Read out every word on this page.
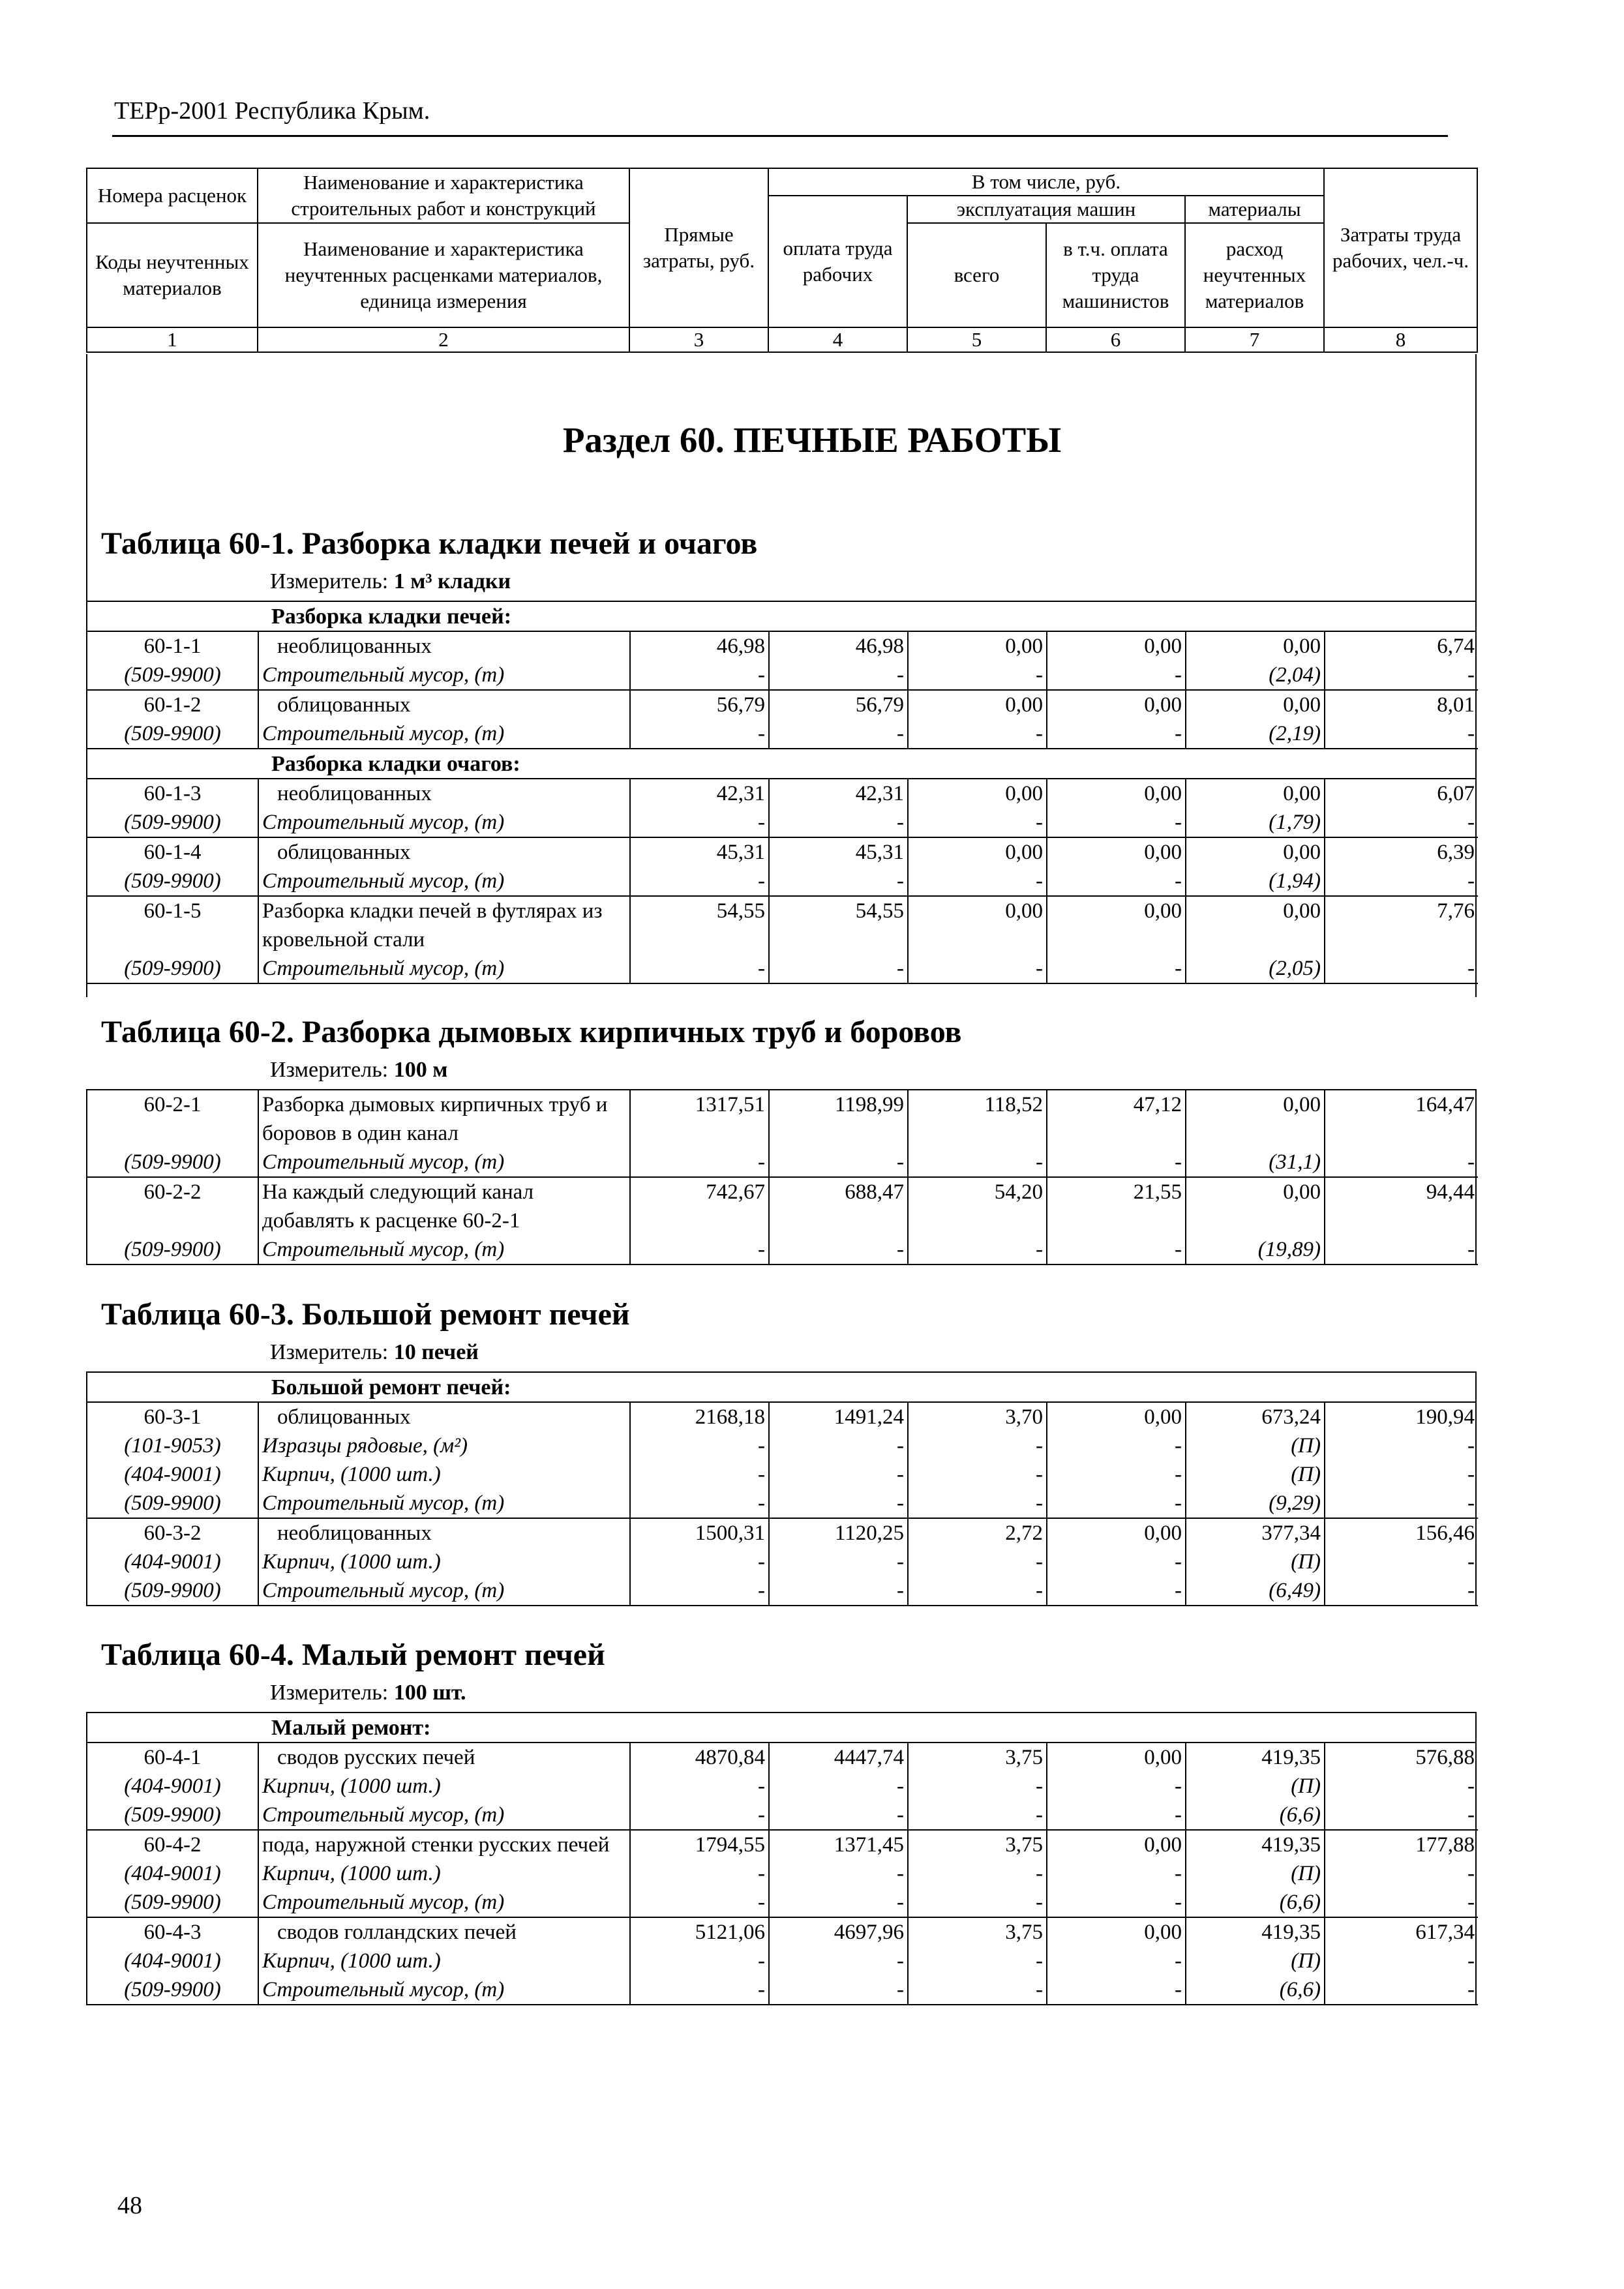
ТЕРр-2001 Республика Крым.
Номера расценок	Наименование и характеристика строительных работ и конструкций	Прямые затраты, руб.	В том числе, руб.				Затраты труда рабочих, чел.-ч.
			оплата труда рабочих	эксплуатация машин		материалы	
Коды неучтенных материалов	Наименование и характеристика неучтенных расценками материалов, единица измерения			всего	в т.ч. оплата труда машинистов	расход неучтенных материалов	

1	2	3	4	5	6	7	8
Раздел 60. ПЕЧНЫЕ РАБОТЫ
Таблица 60-1. Разборка кладки печей и очагов
Измеритель: 1 м³ кладки
Разборка кладки печей:
60-1-1	необлицованных	46,98	46,98	0,00	0,00	0,00	6,74
(509-9900)	Строительный мусор, (т)	-	-	-	-	(2,04)	-
60-1-2	облицованных	56,79	56,79	0,00	0,00	0,00	8,01
(509-9900)	Строительный мусор, (т)	-	-	-	-	(2,19)	-
Разборка кладки очагов:
60-1-3	необлицованных	42,31	42,31	0,00	0,00	0,00	6,07
(509-9900)	Строительный мусор, (т)	-	-	-	-	(1,79)	-
60-1-4	облицованных	45,31	45,31	0,00	0,00	0,00	6,39
(509-9900)	Строительный мусор, (т)	-	-	-	-	(1,94)	-
60-1-5	Разборка кладки печей в футлярах из кровельной стали	54,55	54,55	0,00	0,00	0,00	7,76
(509-9900)	Строительный мусор, (т)	-	-	-	-	(2,05)	-
Таблица 60-2. Разборка дымовых кирпичных труб и боровов
Измеритель: 100 м
60-2-1	Разборка дымовых кирпичных труб и боровов в один канал	1317,51	1198,99	118,52	47,12	0,00	164,47
(509-9900)	Строительный мусор, (т)	-	-	-	-	(31,1)	-
60-2-2	На каждый следующий канал добавлять к расценке 60-2-1	742,67	688,47	54,20	21,55	0,00	94,44
(509-9900)	Строительный мусор, (т)	-	-	-	-	(19,89)	-
Таблица 60-3. Большой ремонт печей
Измеритель: 10 печей
Большой ремонт печей:
60-3-1	облицованных	2168,18	1491,24	3,70	0,00	673,24	190,94
(101-9053)	Изразцы рядовые, (м²)	-	-	-	-	(П)	-
(404-9001)	Кирпич, (1000 шт.)	-	-	-	-	(П)	-
(509-9900)	Строительный мусор, (т)	-	-	-	-	(9,29)	-
60-3-2	необлицованных	1500,31	1120,25	2,72	0,00	377,34	156,46
(404-9001)	Кирпич, (1000 шт.)	-	-	-	-	(П)	-
(509-9900)	Строительный мусор, (т)	-	-	-	-	(6,49)	-
Таблица 60-4. Малый ремонт печей
Измеритель: 100 шт.
Малый ремонт:
60-4-1	сводов русских печей	4870,84	4447,74	3,75	0,00	419,35	576,88
(404-9001)	Кирпич, (1000 шт.)	-	-	-	-	(П)	-
(509-9900)	Строительный мусор, (т)	-	-	-	-	(6,6)	-
60-4-2	пода, наружной стенки русских печей	1794,55	1371,45	3,75	0,00	419,35	177,88
(404-9001)	Кирпич, (1000 шт.)	-	-	-	-	(П)	-
(509-9900)	Строительный мусор, (т)	-	-	-	-	(6,6)	-
60-4-3	сводов голландских печей	5121,06	4697,96	3,75	0,00	419,35	617,34
(404-9001)	Кирпич, (1000 шт.)	-	-	-	-	(П)	-
(509-9900)	Строительный мусор, (т)	-	-	-	-	(6,6)	-
48
